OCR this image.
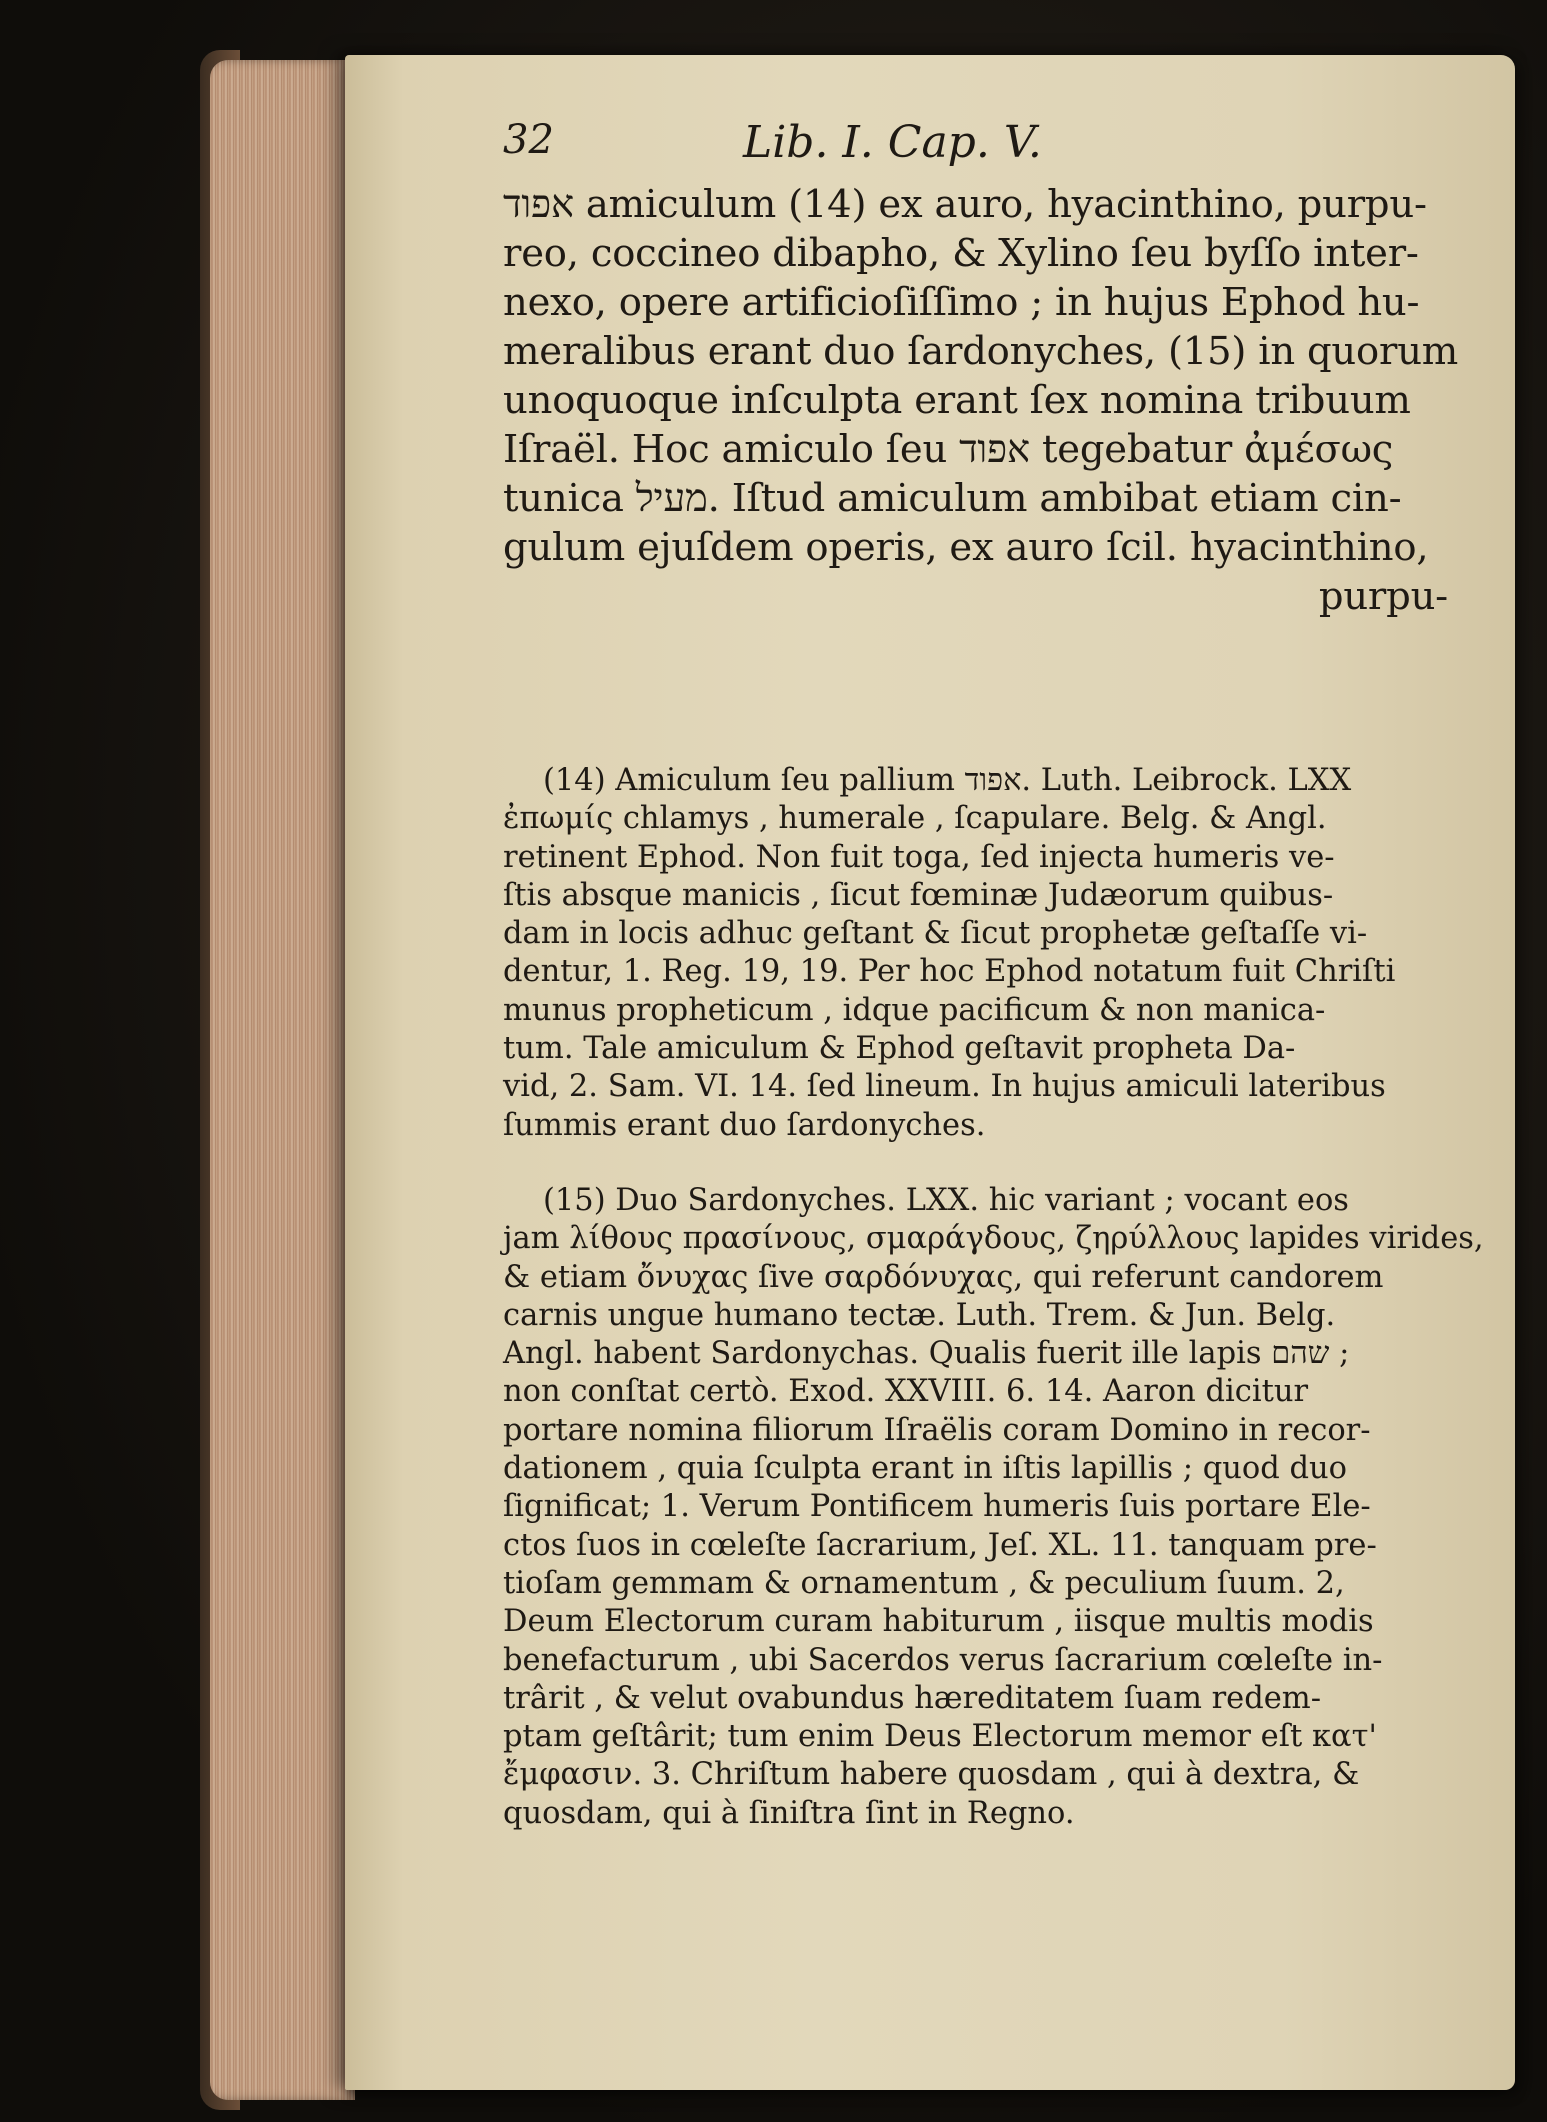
32	Lib. I. Cap. V.
אפוד amiculum (14) ex auro, hyacinthino, purpu-
reo, coccineo dibapho, & Xylino ſeu byſſo inter-
nexo, opere artificioſiſſimo ; in hujus Ephod hu-
meralibus erant duo ſardonyches, (15) in quorum
unoquoque inſculpta erant ſex nomina tribuum
Iſraël. Hoc amiculo ſeu אפוד tegebatur ἀμέσως
tunica מעיל. Iſtud amiculum ambibat etiam cin-
gulum ejuſdem operis, ex auro ſcil. hyacinthino,
purpu-
(14) Amiculum ſeu pallium אפוד. Luth. Leibrock. LXX
ἐπωμίς chlamys , humerale , ſcapulare. Belg. & Angl.
retinent Ephod. Non fuit toga, ſed injecta humeris ve-
ſtis absque manicis , ſicut fœminæ Judæorum quibus-
dam in locis adhuc geſtant & ſicut prophetæ geſtaſſe vi-
dentur, 1. Reg. 19, 19. Per hoc Ephod notatum fuit Chriſti
munus propheticum , idque pacificum & non manica-
tum. Tale amiculum & Ephod geſtavit propheta Da-
vid, 2. Sam. VI. 14. ſed lineum. In hujus amiculi lateribus
ſummis erant duo ſardonyches.
(15) Duo Sardonyches. LXX. hic variant ; vocant eos
jam λίθους πρασίνους, σμαράγδους, ζηρύλλους lapides virides,
& etiam ὄνυχας ſive σαρδόνυχας, qui referunt candorem
carnis ungue humano tectæ. Luth. Trem. & Jun. Belg.
Angl. habent Sardonychas. Qualis fuerit ille lapis שהם ;
non conſtat certò. Exod. XXVIII. 6. 14. Aaron dicitur
portare nomina filiorum Iſraëlis coram Domino in recor-
dationem , quia ſculpta erant in iſtis lapillis ; quod duo
ſignificat; 1. Verum Pontificem humeris ſuis portare Ele-
ctos ſuos in cœleſte ſacrarium, Jeſ. XL. 11. tanquam pre-
tioſam gemmam & ornamentum , & peculium ſuum. 2,
Deum Electorum curam habiturum , iisque multis modis
benefacturum , ubi Sacerdos verus ſacrarium cœleſte in-
trârit , & velut ovabundus hæreditatem ſuam redem-
ptam geſtârit; tum enim Deus Electorum memor eſt κατ'
ἔμφασιν. 3. Chriſtum habere quosdam , qui à dextra, &
quosdam, qui à ſiniſtra ſint in Regno.
